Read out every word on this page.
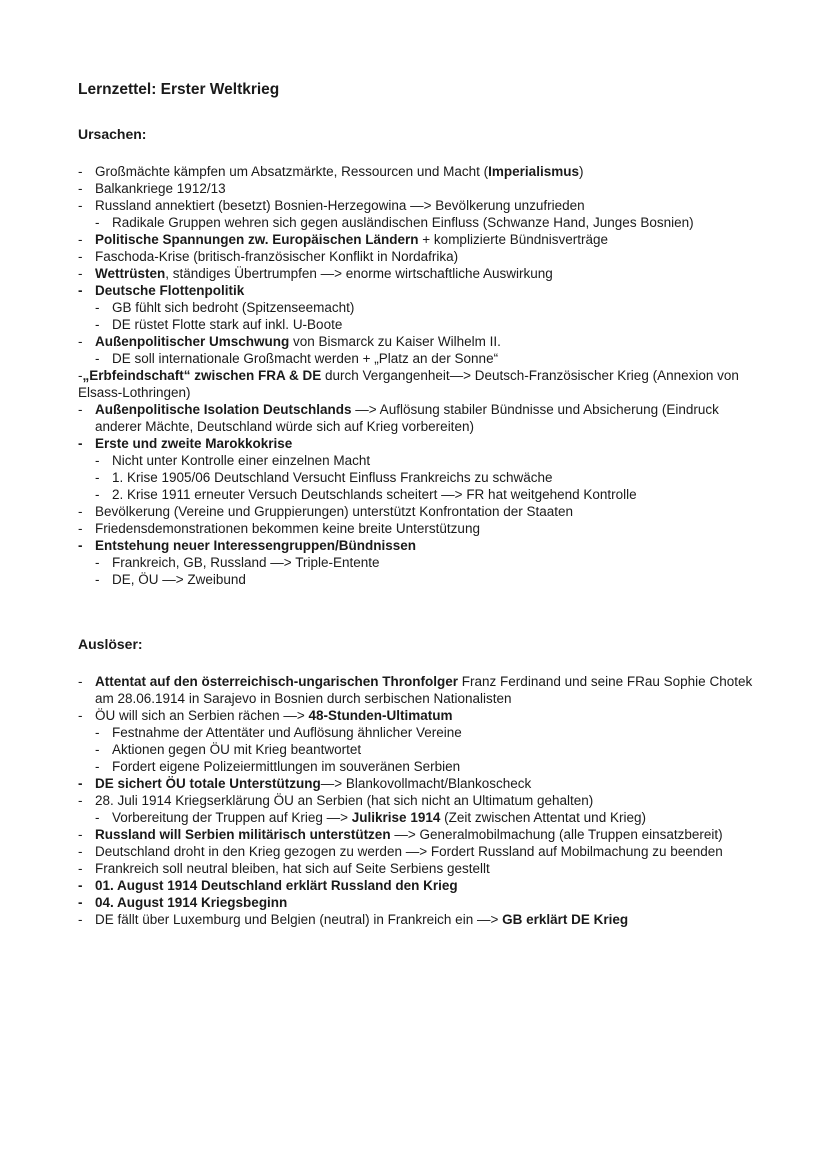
Lernzettel: Erster Weltkrieg
Ursachen:
- Großmächte kämpfen um Absatzmärkte, Ressourcen und Macht (Imperialismus)
- Balkankriege 1912/13
- Russland annektiert (besetzt) Bosnien-Herzegowina —> Bevölkerung unzufrieden
- Radikale Gruppen wehren sich gegen ausländischen Einfluss (Schwanze Hand, Junges Bosnien)
- Politische Spannungen zw. Europäischen Ländern + komplizierte Bündnisverträge
- Faschoda-Krise (britisch-französischer Konflikt in Nordafrika)
- Wettrüsten, ständiges Übertrumpfen —> enorme wirtschaftliche Auswirkung
- Deutsche Flottenpolitik
- GB fühlt sich bedroht (Spitzenseemacht)
- DE rüstet Flotte stark auf inkl. U-Boote
- Außenpolitischer Umschwung von Bismarck zu Kaiser Wilhelm II.
- DE soll internationale Großmacht werden + „Platz an der Sonne“
-„Erbfeindschaft“ zwischen FRA & DE durch Vergangenheit—> Deutsch-Französischer Krieg (Annexion von Elsass-Lothringen)
- Außenpolitische Isolation Deutschlands —> Auflösung stabiler Bündnisse und Absicherung (Eindruck anderer Mächte, Deutschland würde sich auf Krieg vorbereiten)
- Erste und zweite Marokkokrise
- Nicht unter Kontrolle einer einzelnen Macht
- 1. Krise 1905/06 Deutschland Versucht Einfluss Frankreichs zu schwäche
- 2. Krise 1911 erneuter Versuch Deutschlands scheitert —> FR hat weitgehend Kontrolle
- Bevölkerung (Vereine und Gruppierungen) unterstützt Konfrontation der Staaten
- Friedensdemonstrationen bekommen keine breite Unterstützung
- Entstehung neuer Interessengruppen/Bündnissen
- Frankreich, GB, Russland —> Triple-Entente
- DE, ÖU —> Zweibund
Auslöser:
- Attentat auf den österreichisch-ungarischen Thronfolger Franz Ferdinand und seine FRau Sophie Chotek am 28.06.1914 in Sarajevo in Bosnien durch serbischen Nationalisten
- ÖU will sich an Serbien rächen —> 48-Stunden-Ultimatum
- Festnahme der Attentäter und Auflösung ähnlicher Vereine
- Aktionen gegen ÖU mit Krieg beantwortet
- Fordert eigene Polizeiermittlungen im souveränen Serbien
- DE sichert ÖU totale Unterstützung—> Blankovollmacht/Blankoscheck
- 28. Juli 1914 Kriegserklärung ÖU an Serbien (hat sich nicht an Ultimatum gehalten)
- Vorbereitung der Truppen auf Krieg —> Julikrise 1914 (Zeit zwischen Attentat und Krieg)
- Russland will Serbien militärisch unterstützen —> Generalmobilmachung (alle Truppen einsatzbereit)
- Deutschland droht in den Krieg gezogen zu werden —> Fordert Russland auf Mobilmachung zu beenden
- Frankreich soll neutral bleiben, hat sich auf Seite Serbiens gestellt
- 01. August 1914 Deutschland erklärt Russland den Krieg
- 04. August 1914 Kriegsbeginn
- DE fällt über Luxemburg und Belgien (neutral) in Frankreich ein —> GB erklärt DE Krieg
